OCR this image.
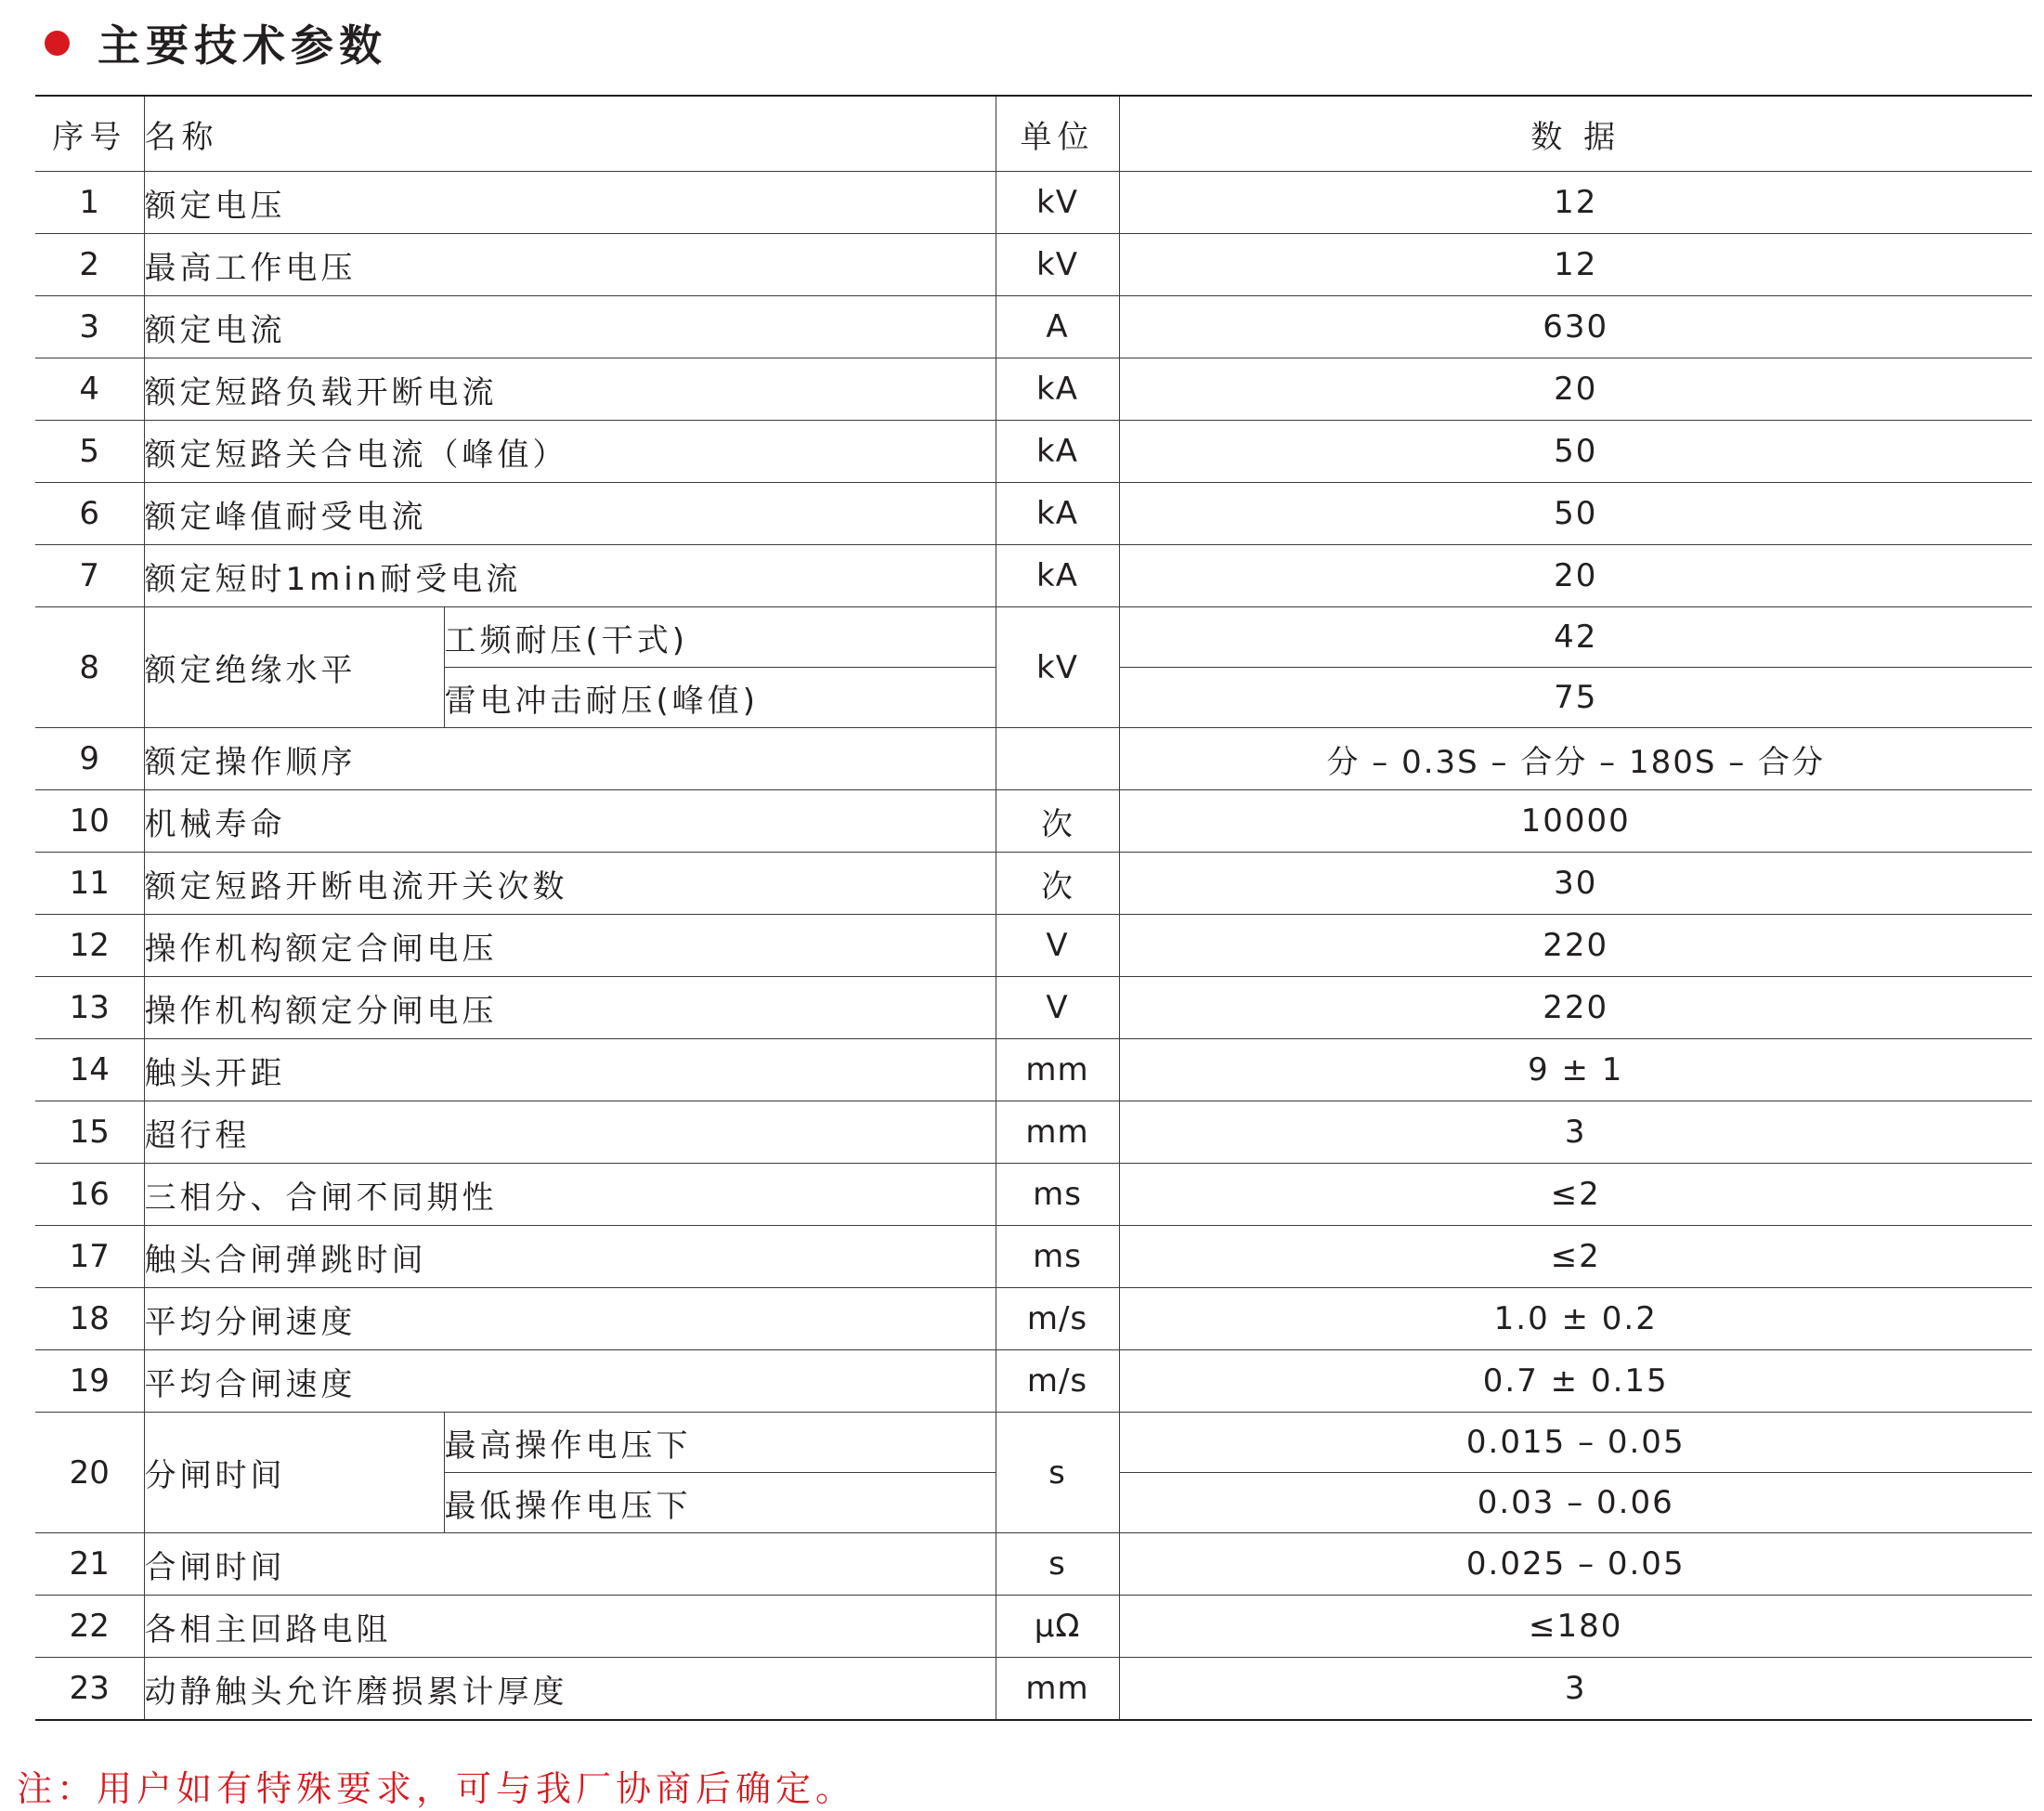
主要技术参数
序号	名称		单位	数 据
1	额定电压		kV	12
2	最高工作电压		kV	12
3	额定电流		A	630
4	额定短路负载开断电流		kA	20
5	额定短路关合电流（峰值）		kA	50
6	额定峰值耐受电流		kA	50
7	额定短时1min耐受电流		kA	20
8	额定绝缘水平	工频耐压(干式)	kV	42
		雷电冲击耐压(峰值)		75
9	额定操作顺序			分 – 0.3S – 合分 – 180S – 合分
10	机械寿命		次	10000
11	额定短路开断电流开关次数		次	30
12	操作机构额定合闸电压		V	220
13	操作机构额定分闸电压		V	220
14	触头开距		mm	9 ± 1
15	超行程		mm	3
16	三相分、合闸不同期性		ms	≤2
17	触头合闸弹跳时间		ms	≤2
18	平均分闸速度		m/s	1.0 ± 0.2
19	平均合闸速度		m/s	0.7 ± 0.15
20	分闸时间	最高操作电压下	s	0.015 – 0.05
		最低操作电压下		0.03 – 0.06
21	合闸时间		s	0.025 – 0.05
22	各相主回路电阻		μΩ	≤180
23	动静触头允许磨损累计厚度		mm	3
注：用户如有特殊要求，可与我厂协商后确定。
